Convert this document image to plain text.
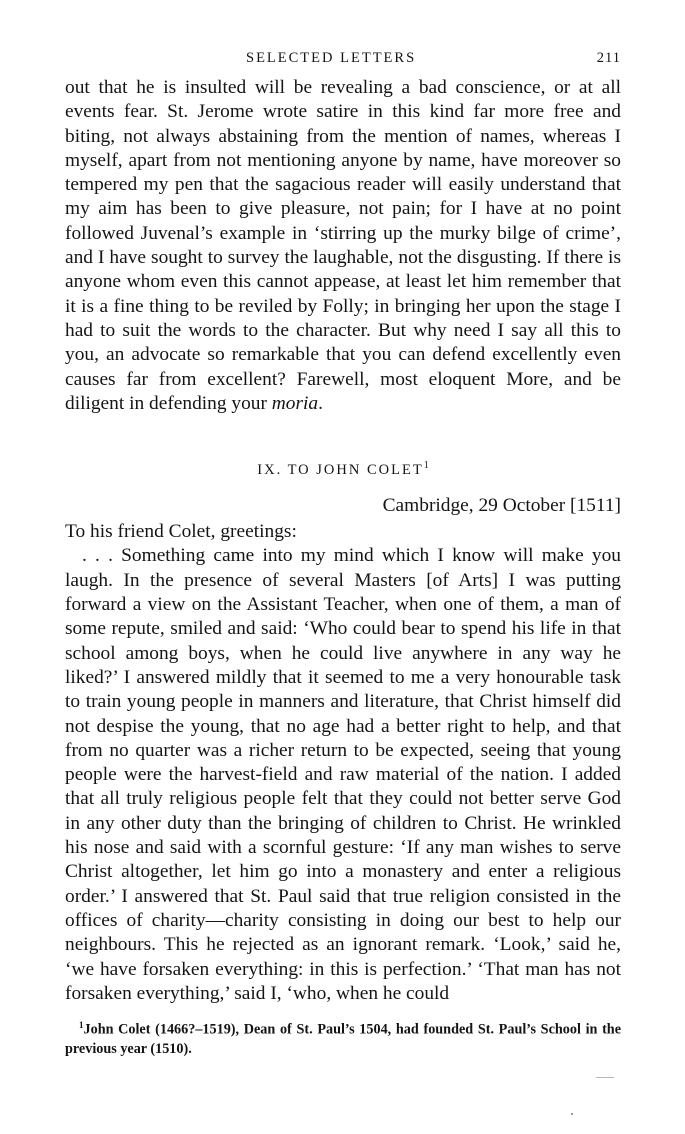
SELECTED LETTERS	211

out that he is insulted will be revealing a bad conscience, or at all events fear. St. Jerome wrote satire in this kind far more free and biting, not always abstaining from the mention of names, whereas I myself, apart from not mentioning anyone by name, have moreover so tempered my pen that the sagacious reader will easily understand that my aim has been to give pleasure, not pain; for I have at no point followed Juvenal’s example in ‘stirring up the murky bilge of crime’, and I have sought to survey the laughable, not the disgusting. If there is anyone whom even this cannot appease, at least let him remember that it is a fine thing to be reviled by Folly; in bringing her upon the stage I had to suit the words to the character. But why need I say all this to you, an advocate so remarkable that you can defend excellently even causes far from excellent? Farewell, most eloquent More, and be diligent in defending your moria.

IX. TO JOHN COLET$^1$
Cambridge, 29 October [1511]

To his friend Colet, greetings:

. . . Something came into my mind which I know will make you laugh. In the presence of several Masters [of Arts] I was putting forward a view on the Assistant Teacher, when one of them, a man of some repute, smiled and said: ‘Who could bear to spend his life in that school among boys, when he could live anywhere in any way he liked?’ I answered mildly that it seemed to me a very honourable task to train young people in manners and literature, that Christ himself did not despise the young, that no age had a better right to help, and that from no quarter was a richer return to be expected, seeing that young people were the harvest-field and raw material of the nation. I added that all truly religious people felt that they could not better serve God in any other duty than the bringing of children to Christ. He wrinkled his nose and said with a scornful gesture: ‘If any man wishes to serve Christ altogether, let him go into a monastery and enter a religious order.’ I answered that St. Paul said that true religion consisted in the offices of charity—charity consisting in doing our best to help our neighbours. This he rejected as an ignorant remark. ‘Look,’ said he, ‘we have forsaken everything: in this is perfection.’ ‘That man has not forsaken everything,’ said I, ‘who, when he could

$^1$John Colet (1466?–1519), Dean of St. Paul’s 1504, had founded St. Paul’s School in the previous year (1510).
